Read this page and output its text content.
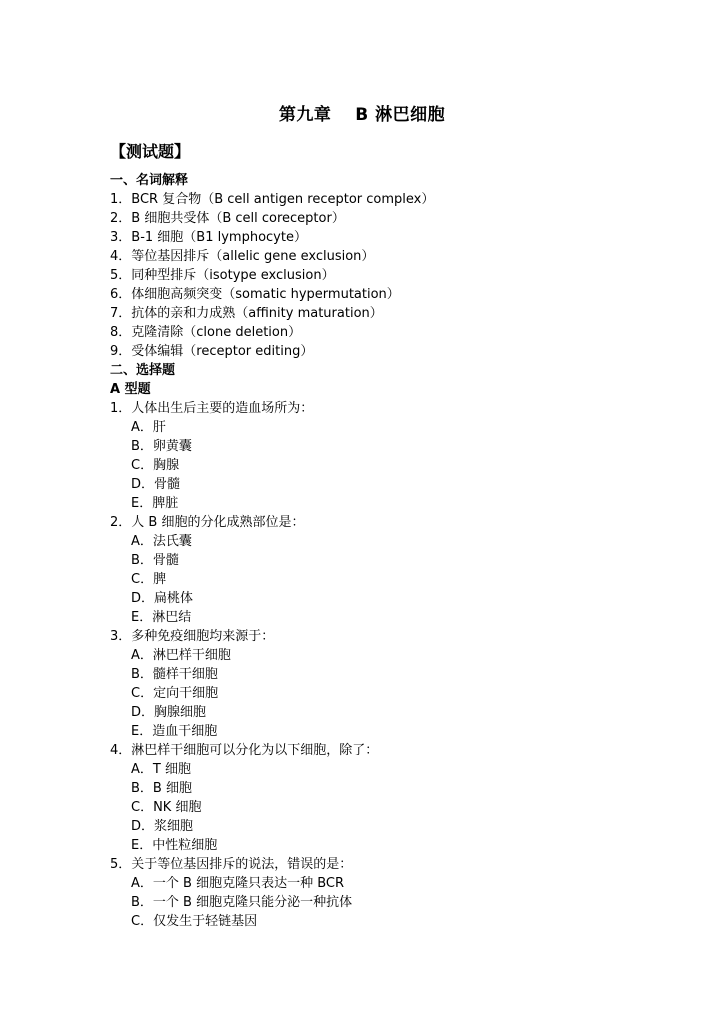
第九章　 B 淋巴细胞
【测试题】
一、名词解释
1．BCR 复合物（B cell antigen receptor complex）
2．B 细胞共受体（B cell coreceptor）
3．B-1 细胞（B1 lymphocyte）
4．等位基因排斥（allelic gene exclusion）
5．同种型排斥（isotype exclusion）
6．体细胞高频突变（somatic hypermutation）
7．抗体的亲和力成熟（affinity maturation）
8．克隆清除（clone deletion）
9．受体编辑（receptor editing）
二、选择题
A 型题
1．人体出生后主要的造血场所为：
A．肝
B．卵黄囊
C．胸腺
D．骨髓
E．脾脏
2．人 B 细胞的分化成熟部位是：
A．法氏囊
B．骨髓
C．脾
D．扁桃体
E．淋巴结
3．多种免疫细胞均来源于：
A．淋巴样干细胞
B．髓样干细胞
C．定向干细胞
D．胸腺细胞
E．造血干细胞
4．淋巴样干细胞可以分化为以下细胞，除了：
A．T 细胞
B．B 细胞
C．NK 细胞
D．浆细胞
E．中性粒细胞
5．关于等位基因排斥的说法，错误的是：
A．一个 B 细胞克隆只表达一种 BCR
B．一个 B 细胞克隆只能分泌一种抗体
C．仅发生于轻链基因
